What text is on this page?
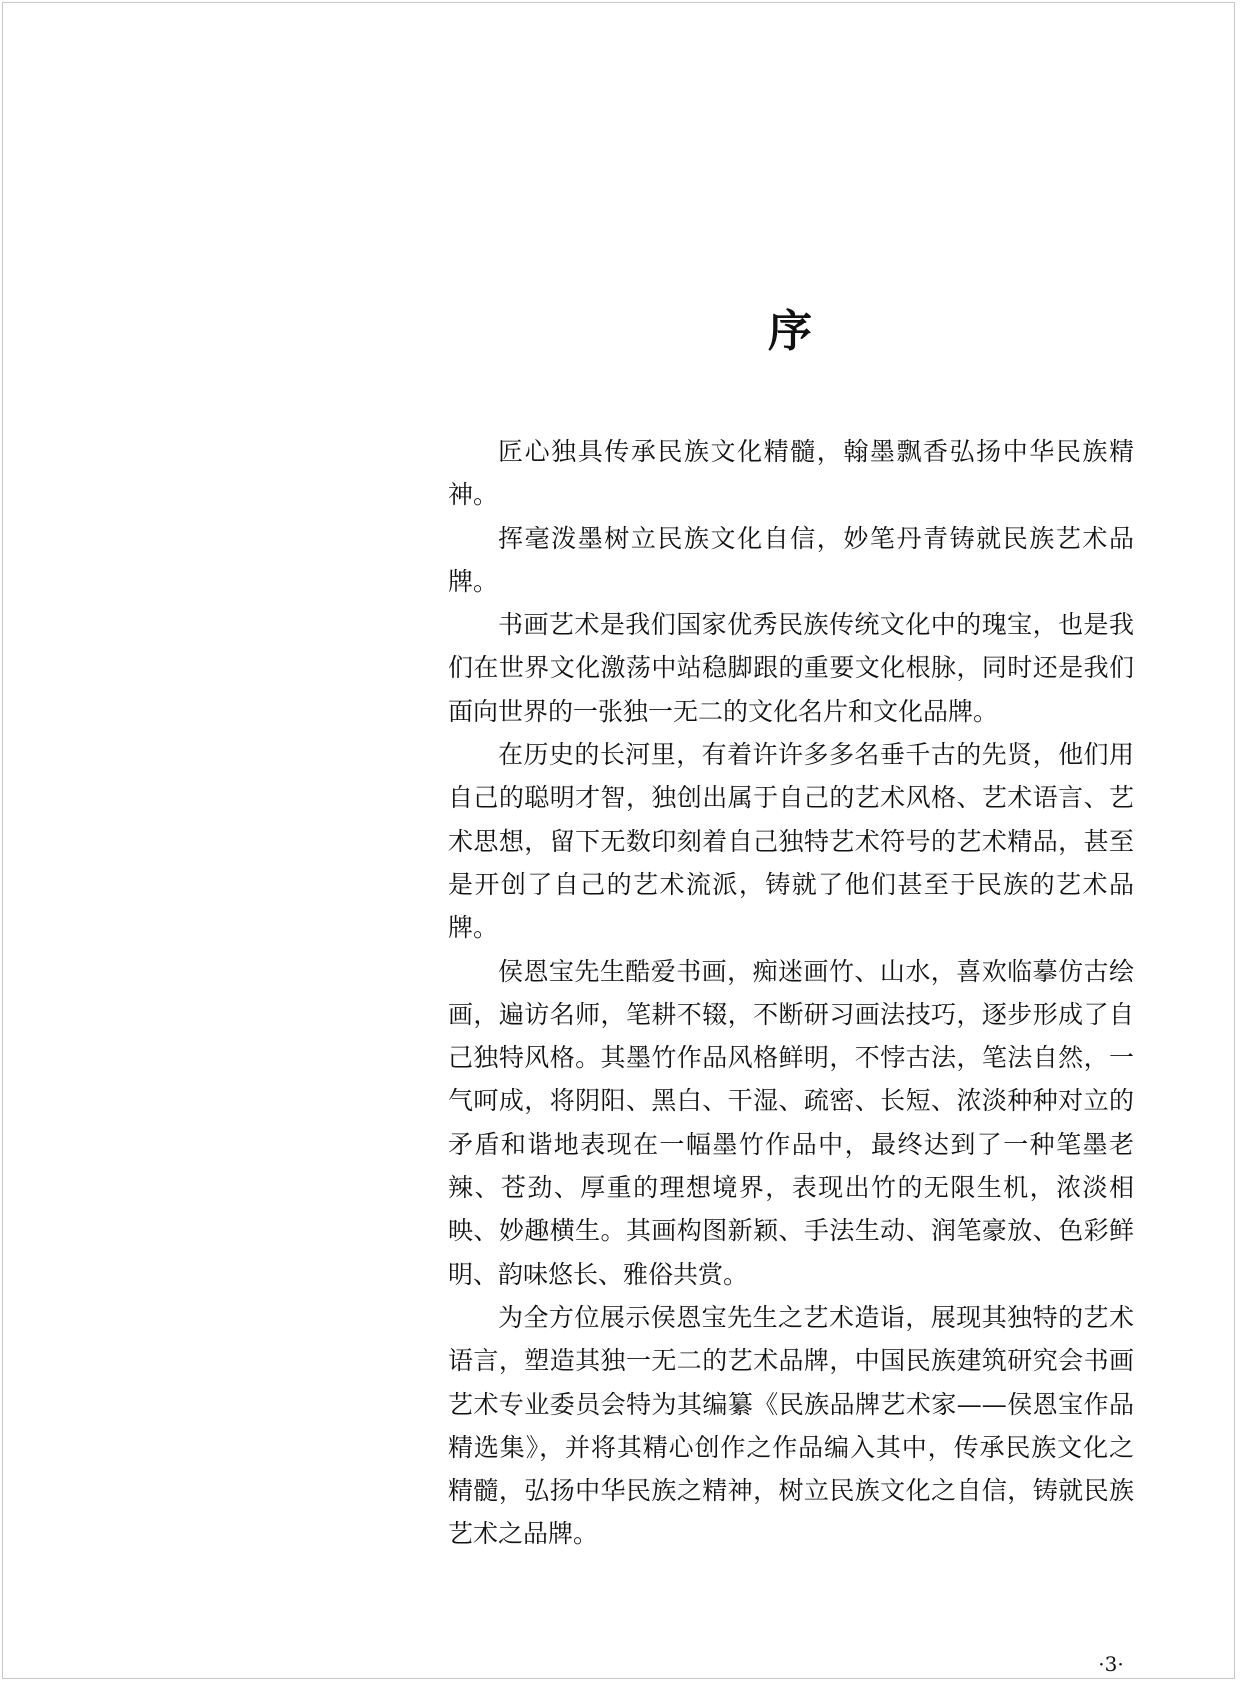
序

匠心独具传承民族文化精髓，翰墨飘香弘扬中华民族精神。

挥毫泼墨树立民族文化自信，妙笔丹青铸就民族艺术品牌。

书画艺术是我们国家优秀民族传统文化中的瑰宝，也是我们在世界文化激荡中站稳脚跟的重要文化根脉，同时还是我们面向世界的一张独一无二的文化名片和文化品牌。

在历史的长河里，有着许许多多名垂千古的先贤，他们用自己的聪明才智，独创出属于自己的艺术风格、艺术语言、艺术思想，留下无数印刻着自己独特艺术符号的艺术精品，甚至是开创了自己的艺术流派，铸就了他们甚至于民族的艺术品牌。

侯恩宝先生酷爱书画，痴迷画竹、山水，喜欢临摹仿古绘画，遍访名师，笔耕不辍，不断研习画法技巧，逐步形成了自己独特风格。其墨竹作品风格鲜明，不悖古法，笔法自然，一气呵成，将阴阳、黑白、干湿、疏密、长短、浓淡种种对立的矛盾和谐地表现在一幅墨竹作品中，最终达到了一种笔墨老辣、苍劲、厚重的理想境界，表现出竹的无限生机，浓淡相映、妙趣横生。其画构图新颖、手法生动、润笔豪放、色彩鲜明、韵味悠长、雅俗共赏。

为全方位展示侯恩宝先生之艺术造诣，展现其独特的艺术语言，塑造其独一无二的艺术品牌，中国民族建筑研究会书画艺术专业委员会特为其编纂《民族品牌艺术家——侯恩宝作品精选集》，并将其精心创作之作品编入其中，传承民族文化之精髓，弘扬中华民族之精神，树立民族文化之自信，铸就民族艺术之品牌。

·3·
